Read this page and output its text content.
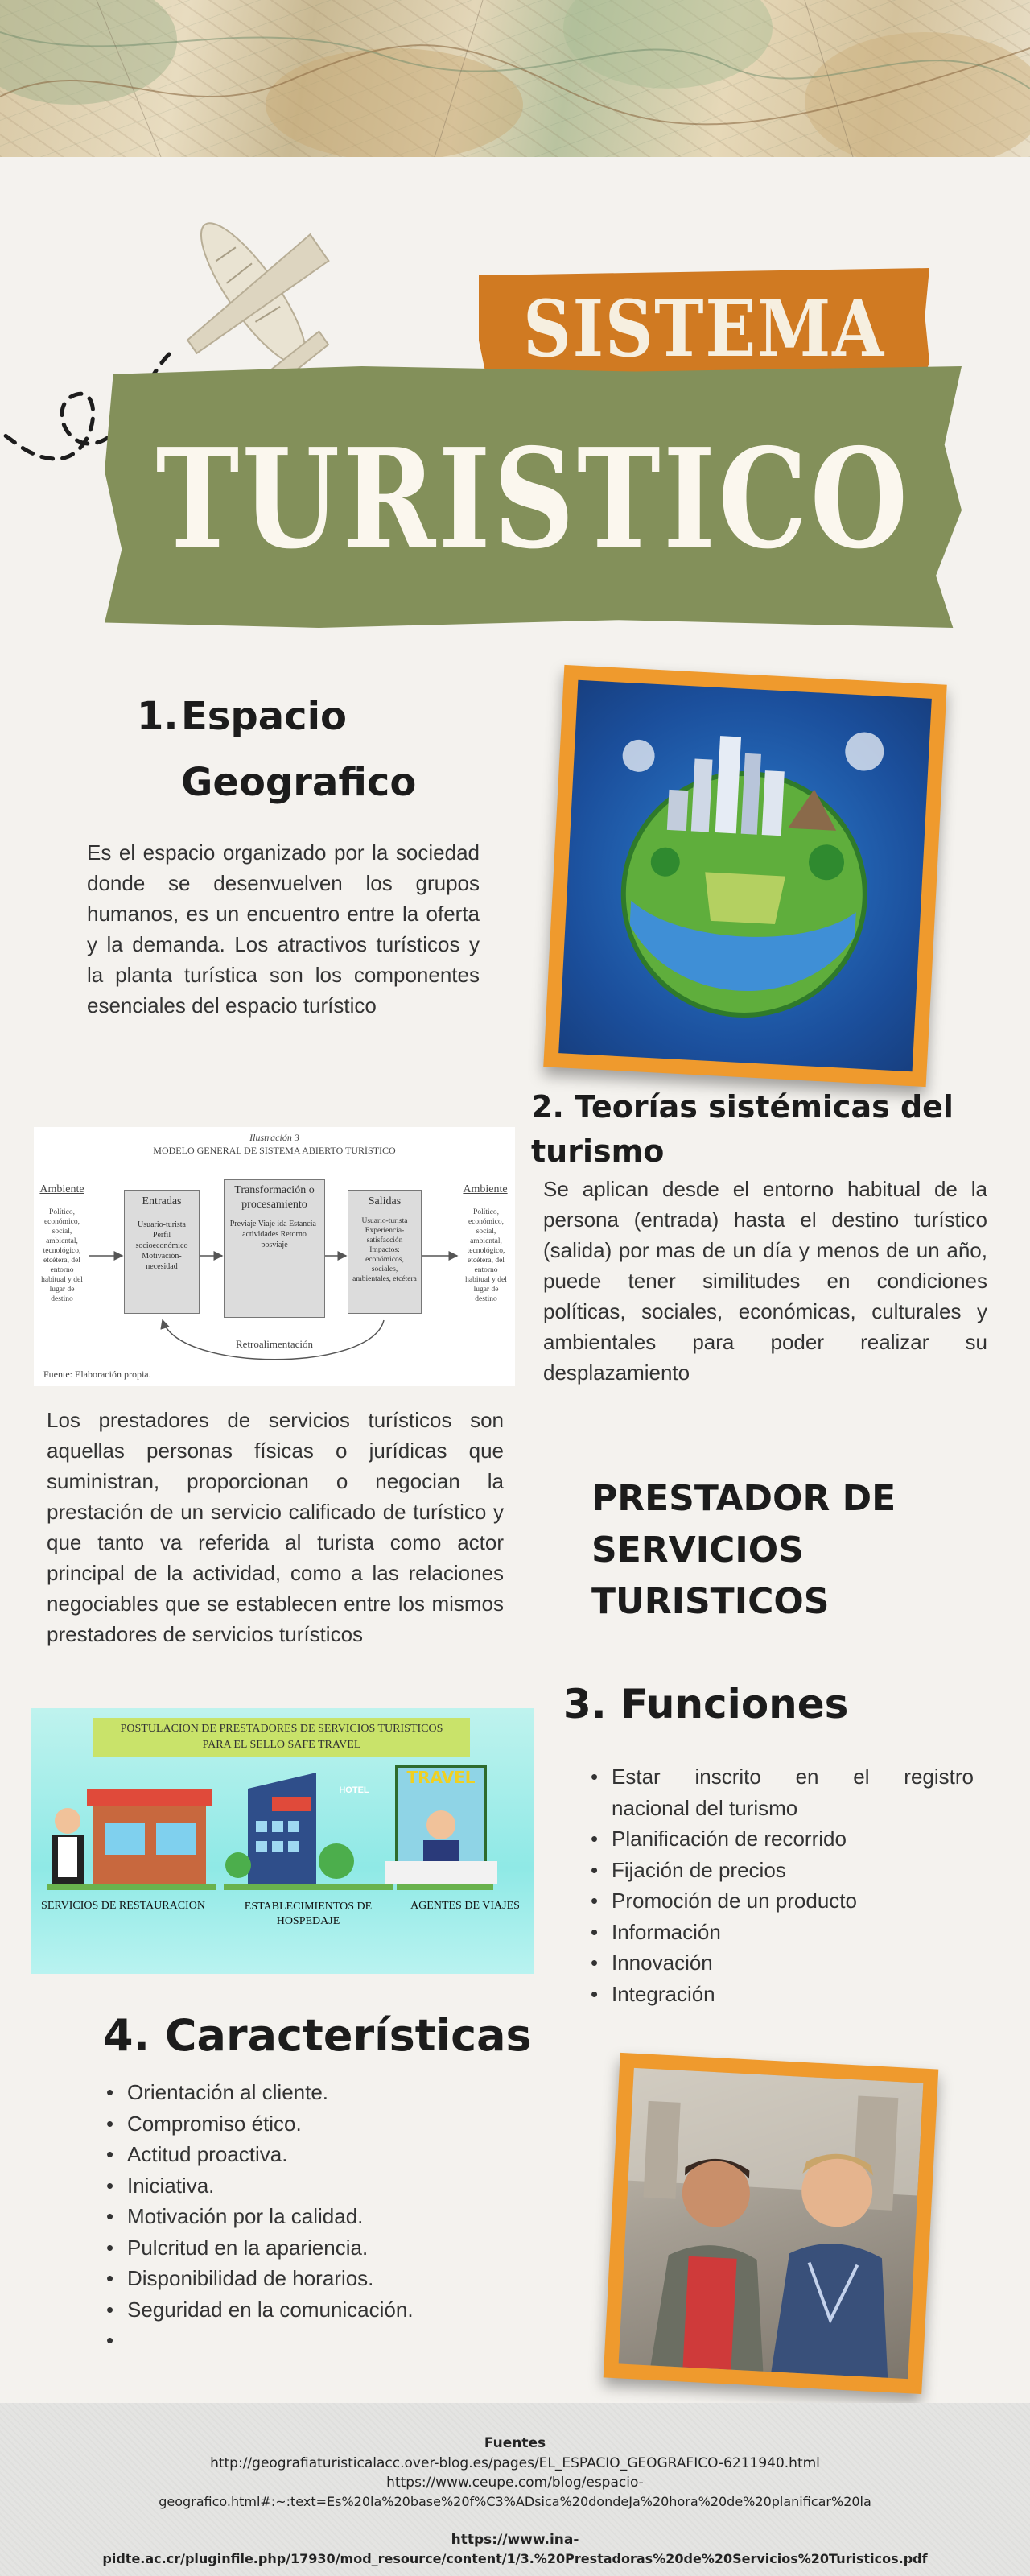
SISTEMA
TURISTICO
1. Espacio
Geografico
Es el espacio organizado por la sociedad donde se desenvuelven los grupos humanos, es un encuentro entre la oferta y la demanda. Los atractivos turísticos y la planta turística son los componentes esenciales del espacio turístico
2. Teorías sistémicas del
turismo
Se aplican desde el entorno habitual de la persona (entrada) hasta el destino turístico (salida) por mas de un día y menos de un año, puede tener similitudes en condiciones políticas, sociales, económicas, culturales y ambientales para poder realizar su desplazamiento
Ilustración 3
MODELO GENERAL DE SISTEMA ABIERTO TURÍSTICO
Ambiente
Político, económico, social, ambiental, tecnológico, etcétera, del entorno habitual y del lugar de destino
Entradas
Usuario-turista Perfil socioeconómico Motivación-necesidad
Transformación o procesamiento
Previaje Viaje ida Estancia-actividades Retorno posviaje
Salidas
Usuario-turista Experiencia-satisfacción Impactos: económicos, sociales, ambientales, etcétera
Ambiente
Político, económico, social, ambiental, tecnológico, etcétera, del entorno habitual y del lugar de destino
Retroalimentación
Fuente: Elaboración propia.
Los prestadores de servicios turísticos son aquellas personas físicas o jurídicas que suministran, proporcionan o negocian la prestación de un servicio calificado de turístico y que tanto va referida al turista como actor principal de la actividad, como a las relaciones negociables que se establecen entre los mismos prestadores de servicios turísticos
PRESTADOR DE
SERVICIOS
TURISTICOS
POSTULACION DE PRESTADORES DE SERVICIOS TURISTICOS
PARA EL SELLO SAFE TRAVEL
HOTEL
TRAVEL
SERVICIOS DE RESTAURACION	ESTABLECIMIENTOS DE
HOSPEDAJE
AGENTES DE VIAJES
3. Funciones
• Estar inscrito en el registro
nacional del turismo
• Planificación de recorrido
• Fijación de precios
• Promoción de un producto
• Información
• Innovación
• Integración
4. Características
• Orientación al cliente.
• Compromiso ético.
• Actitud proactiva.
• Iniciativa.
• Motivación por la calidad.
• Pulcritud en la apariencia.
• Disponibilidad de horarios.
• Seguridad en la comunicación.
Fuentes
http://geografiaturisticalacc.over-blog.es/pages/EL_ESPACIO_GEOGRAFICO-6211940.html
https://www.ceupe.com/blog/espacio-
geografico.html#:~:text=Es%20la%20base%20f%C3%ADsica%20dondeJa%20hora%20de%20planificar%20la
https://www.ina-
pidte.ac.cr/pluginfile.php/17930/mod_resource/content/1/3.%20Prestadoras%20de%20Servicios%20Turisticos.pdf
